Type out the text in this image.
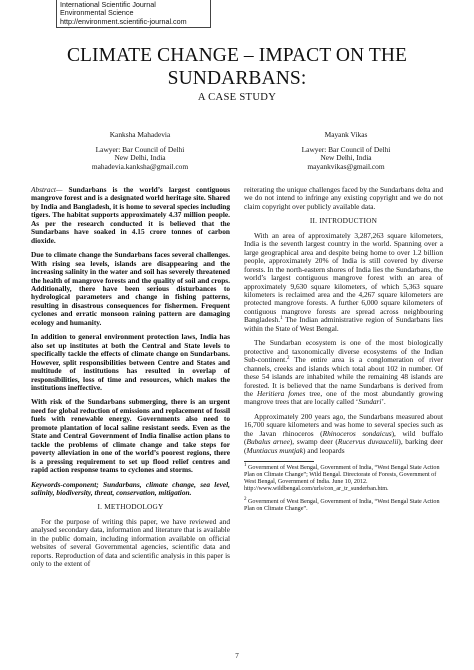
International Scientific Journal
Environmental Science
http://environment.scientific-journal.com
CLIMATE CHANGE – IMPACT ON THE
SUNDARBANS:
A CASE STUDY
Kanksha Mahadevia
Lawyer: Bar Council of Delhi
New Delhi, India
mahadevia.kanksha@gmail.com
Mayank Vikas
Lawyer: Bar Council of Delhi
New Delhi, India
mayankvikas@gmail.com

Abstract— Sundarbans is the world’s largest contiguous mangrove forest and is a designated world heritage site. Shared by India and Bangladesh, it is home to several species including tigers. The habitat supports approximately 4.37 million people. As per the research conducted it is believed that the Sundarbans have soaked in 4.15 crore tonnes of carbon dioxide.

Due to climate change the Sundarbans faces several challenges. With rising sea levels, islands are disappearing and the increasing salinity in the water and soil has severely threatened the health of mangrove forests and the quality of soil and crops. Additionally, there have been serious disturbances to hydrological parameters and change in fishing patterns, resulting in disastrous consequences for fishermen. Frequent cyclones and erratic monsoon raining pattern are damaging ecology and humanity.

In addition to general environment protection laws, India has also set up institutes at both the Central and State levels to specifically tackle the effects of climate change on Sundarbans. However, split responsibilities between Centre and States and multitude of institutions has resulted in overlap of responsibilities, loss of time and resources, which makes the institutions ineffective.

With risk of the Sundarbans submerging, there is an urgent need for global reduction of emissions and replacement of fossil fuels with renewable energy. Governments also need to promote plantation of local saline resistant seeds. Even as the State and Central Government of India finalise action plans to tackle the problems of climate change and take steps for poverty alleviation in one of the world’s poorest regions, there is a pressing requirement to set up flood relief centres and rapid action response teams to cyclones and storms.

Keywords-component; Sundarbans, climate change, sea level, salinity, biodiversity, threat, conservation, mitigation.

I. METHODOLOGY

For the purpose of writing this paper, we have reviewed and analysed secondary data, information and literature that is available in the public domain, including information available on official websites of several Governmental agencies, scientific data and reports. Reproduction of data and scientific analysis in this paper is only to the extent of

reiterating the unique challenges faced by the Sundarbans delta and we do not intend to infringe any existing copyright and we do not claim copyright over publicly available data.

II. INTRODUCTION

With an area of approximately 3,287,263 square kilometers, India is the seventh largest country in the world. Spanning over a large geographical area and despite being home to over 1.2 billion people, approximately 20% of India is still covered by diverse forests. In the north-eastern shores of India lies the Sundarbans, the world’s largest contiguous mangrove forest with an area of approximately 9,630 square kilometers, of which 5,363 square kilometers is reclaimed area and the 4,267 square kilometers are protected mangrove forests. A further 6,000 square kilometers of contiguous mangrove forests are spread across neighbouring Bangladesh.$^1$ The Indian administrative region of Sundarbans lies within the State of West Bengal.

The Sundarban ecosystem is one of the most biologically protective and taxonomically diverse ecosystems of the Indian Sub-continent.$^2$ The entire area is a conglomeration of river channels, creeks and islands which total about 102 in number. Of these 54 islands are inhabited while the remaining 48 islands are forested. It is believed that the name Sundarbans is derived from the Heritiera fomes tree, one of the most abundantly growing mangrove trees that are locally called ‘Sundari’.

Approximately 200 years ago, the Sundarbans measured about 16,700 square kilometers and was home to several species such as the Javan rhinoceros (Rhinoceros sondaicus), wild buffalo (Bubalus arnee), swamp deer (Rucervus duvaucelii), barking deer (Muntiacus muntjak) and leopards

$^1$ Government of West Bengal, Government of India, “West Bengal State Action Plan on Climate Change”; Wild Bengal. Directorate of Forests, Government of West Bengal, Government of India. June 10, 2012. http://www.wildbengal.com/urls/con_ar_tr_sunderban.htm.

$^2$ Government of West Bengal, Government of India, “West Bengal State Action Plan on Climate Change”.

7
